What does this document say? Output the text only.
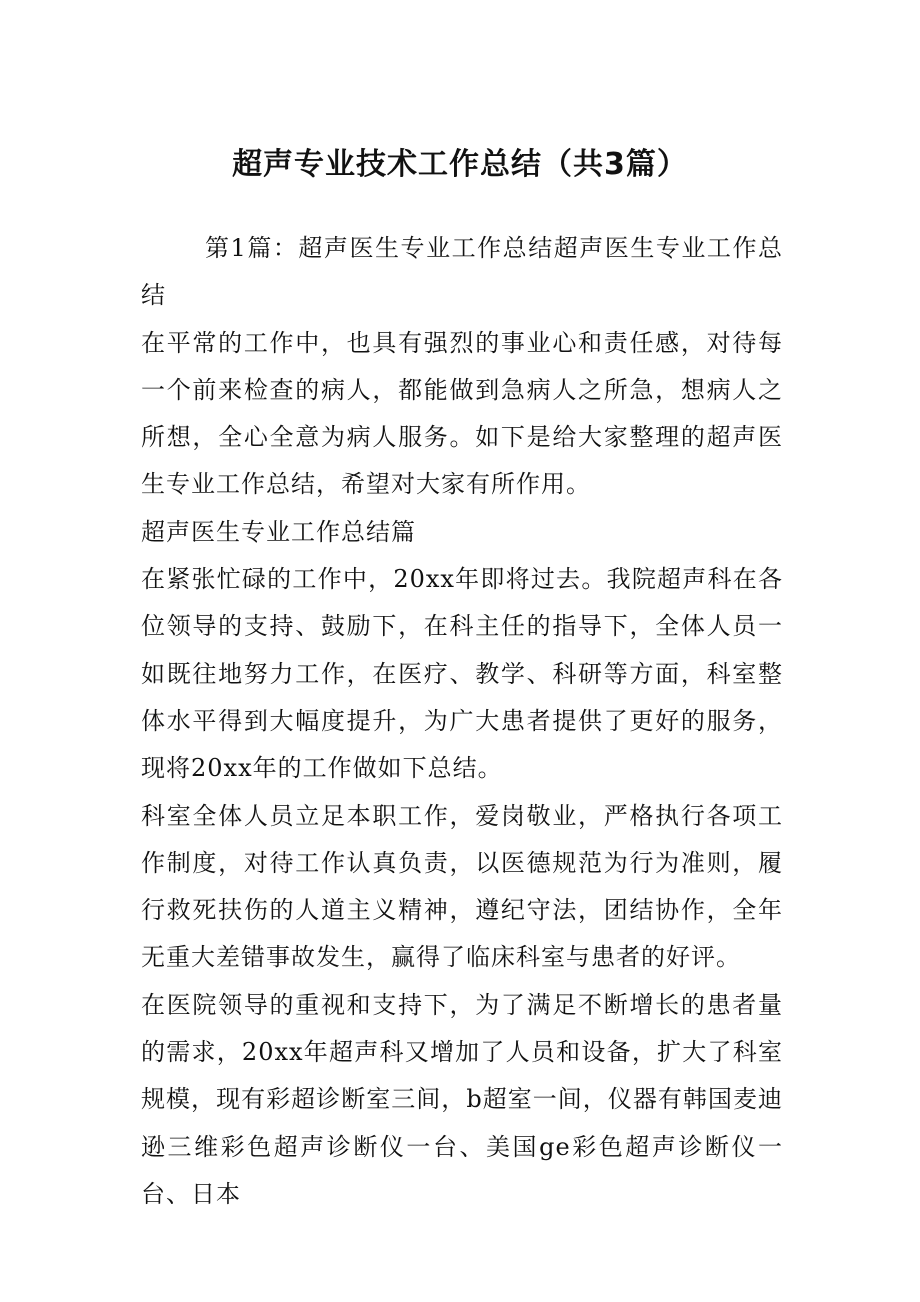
超声专业技术工作总结（共3篇）

第1篇：超声医生专业工作总结超声医生专业工作总结

在平常的工作中，也具有强烈的事业心和责任感，对待每一个前来检查的病人，都能做到急病人之所急，想病人之所想，全心全意为病人服务。如下是给大家整理的超声医生专业工作总结，希望对大家有所作用。

超声医生专业工作总结篇

在紧张忙碌的工作中，20xx年即将过去。我院超声科在各位领导的支持、鼓励下，在科主任的指导下，全体人员一如既往地努力工作，在医疗、教学、科研等方面，科室整体水平得到大幅度提升，为广大患者提供了更好的服务，现将20xx年的工作做如下总结。

科室全体人员立足本职工作，爱岗敬业，严格执行各项工作制度，对待工作认真负责，以医德规范为行为准则，履行救死扶伤的人道主义精神，遵纪守法，团结协作，全年无重大差错事故发生，赢得了临床科室与患者的好评。

在医院领导的重视和支持下，为了满足不断增长的患者量的需求，20xx年超声科又增加了人员和设备，扩大了科室规模，现有彩超诊断室三间，b超室一间，仪器有韩国麦迪逊三维彩色超声诊断仪一台、美国ge彩色超声诊断仪一台、日本
